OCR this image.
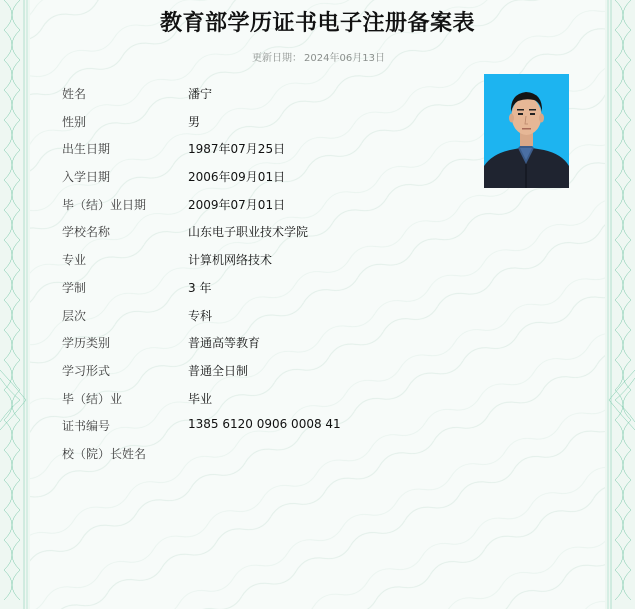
教育部学历证书电子注册备案表
更新日期： 2024年06月13日
姓名	潘宁
性别	男
出生日期	1987年07月25日
入学日期	2006年09月01日
毕（结）业日期	2009年07月01日
学校名称	山东电子职业技术学院
专业	计算机网络技术
学制	3 年
层次	专科
学历类别	普通高等教育
学习形式	普通全日制
毕（结）业	毕业
证书编号	1385 6120 0906 0008 41
校（院）长姓名
